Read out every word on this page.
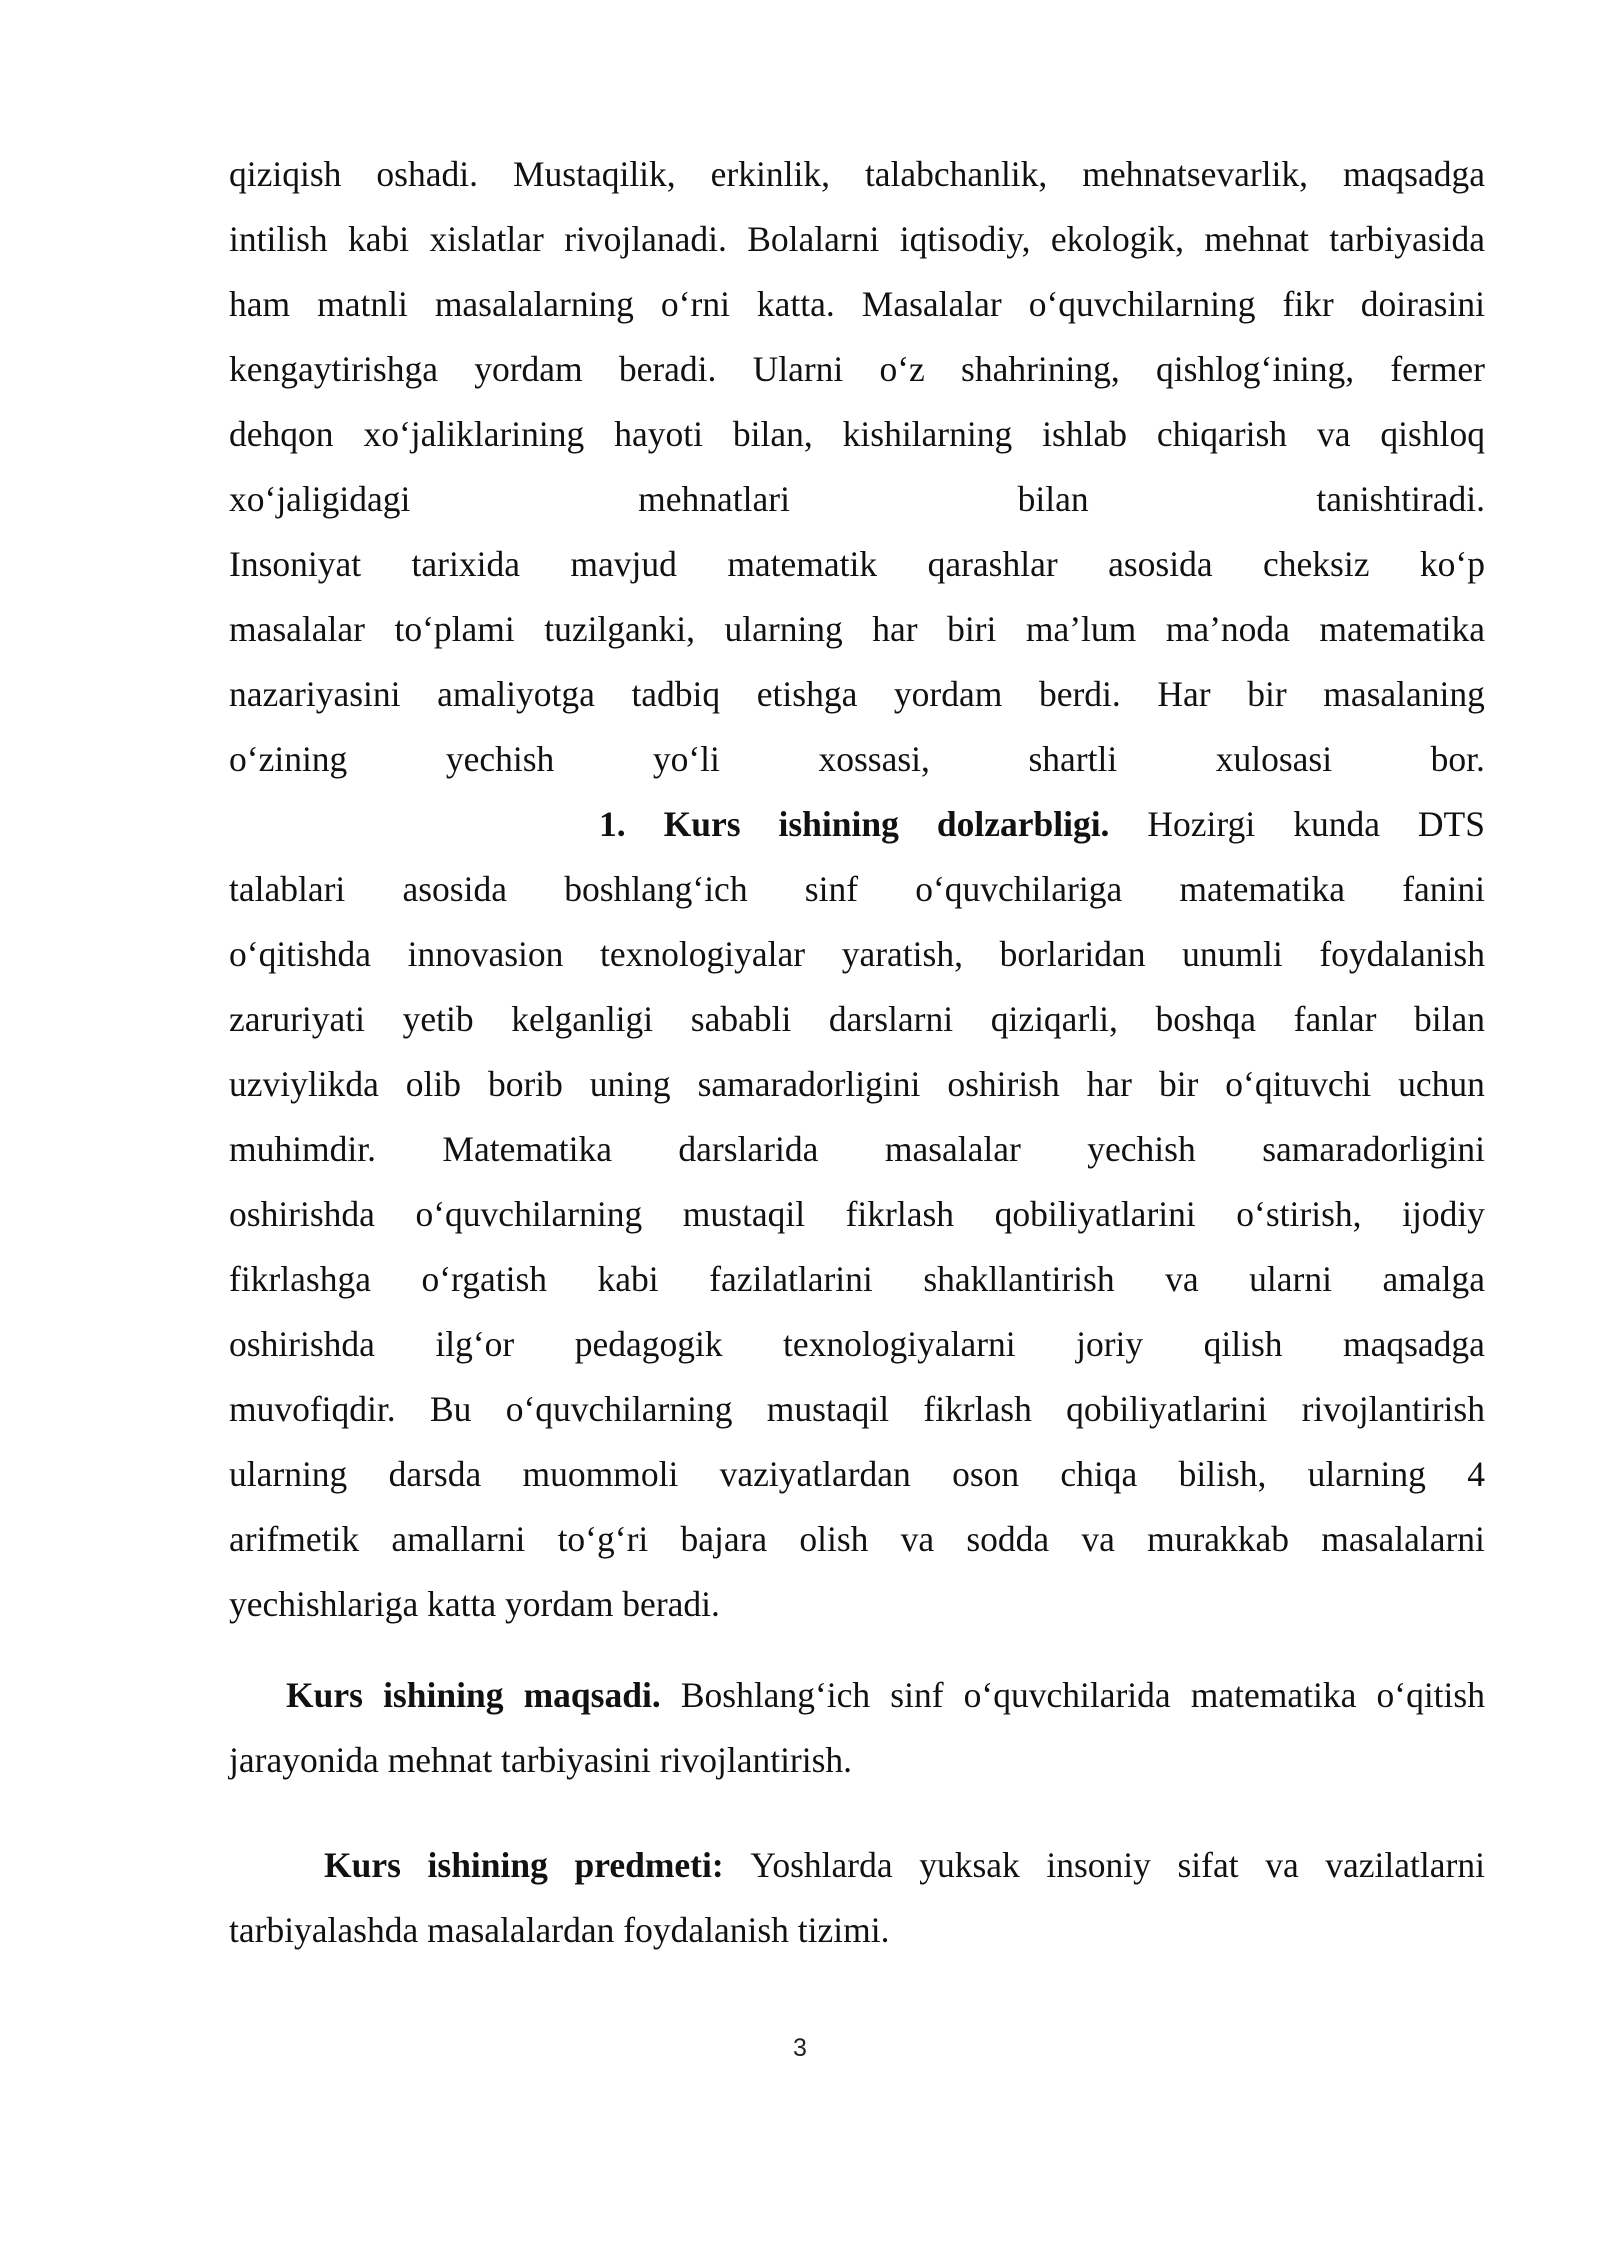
qiziqish oshadi. Mustaqilik, erkinlik, talabchanlik, mehnatsevarlik, maqsadga
intilish kabi xislatlar rivojlanadi. Bolalarni iqtisodiy, ekologik, mehnat tarbiyasida
ham matnli masalalarning oʻrni katta. Masalalar oʻquvchilarning fikr doirasini
kengaytirishga yordam beradi. Ularni oʻz shahrining, qishlogʻining, fermer
dehqon xoʻjaliklarining hayoti bilan, kishilarning ishlab chiqarish va qishloq
xoʻjaligidagi	mehnatlari	bilan	tanishtiradi.
Insoniyat tarixida mavjud matematik qarashlar asosida cheksiz koʻp
masalalar toʻplami tuzilganki, ularning har biri ma’lum ma’noda matematika
nazariyasini amaliyotga tadbiq etishga yordam berdi. Har bir masalaning
oʻzining	yechish	yoʻli	xossasi,	shartli	xulosasi	bor.
1. Kurs ishining dolzarbligi. Hozirgi kunda DTS
talablari asosida boshlangʻich sinf oʻquvchilariga matematika fanini
oʻqitishda innovasion texnologiyalar yaratish, borlaridan unumli foydalanish
zaruriyati yetib kelganligi sababli darslarni qiziqarli, boshqa fanlar bilan
uzviylikda olib borib uning samaradorligini oshirish har bir oʻqituvchi uchun
muhimdir. Matematika darslarida masalalar yechish samaradorligini
oshirishda oʻquvchilarning mustaqil fikrlash qobiliyatlarini oʻstirish, ijodiy
fikrlashga oʻrgatish kabi fazilatlarini shakllantirish va ularni amalga
oshirishda ilgʻor pedagogik texnologiyalarni joriy qilish maqsadga
muvofiqdir. Bu oʻquvchilarning mustaqil fikrlash qobiliyatlarini rivojlantirish
ularning darsda muommoli vaziyatlardan oson chiqa bilish, ularning 4
arifmetik amallarni toʻgʻri bajara olish va sodda va murakkab masalalarni
yechishlariga katta yordam beradi.
Kurs ishining maqsadi. Boshlangʻich sinf oʻquvchilarida matematika oʻqitish
jarayonida mehnat tarbiyasini rivojlantirish.
Kurs ishining predmeti: Yoshlarda yuksak insoniy sifat va vazilatlarni
tarbiyalashda masalalardan foydalanish tizimi.
3
